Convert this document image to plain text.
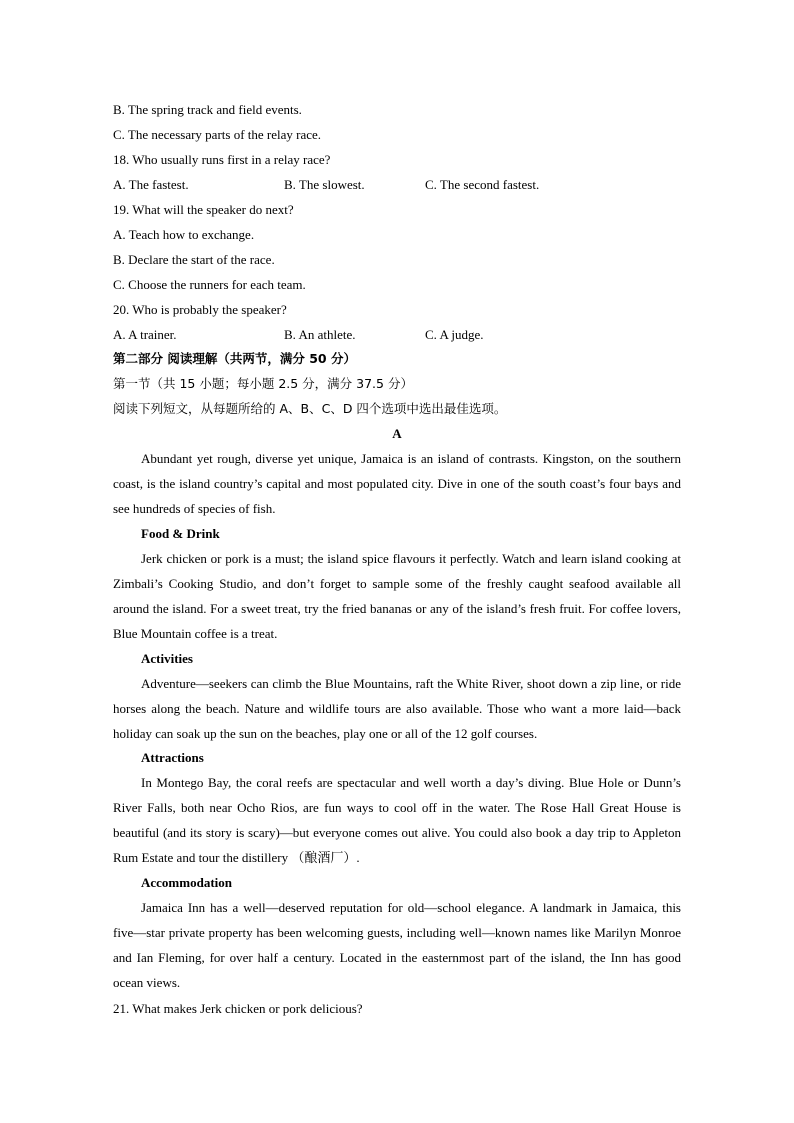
B. The spring track and field events.
C. The necessary parts of the relay race.
18. Who usually runs first in a relay race?
A. The fastest.	B. The slowest.	C. The second fastest.
19. What will the speaker do next?
A. Teach how to exchange.
B. Declare the start of the race.
C. Choose the runners for each team.
20. Who is probably the speaker?
A. A trainer.	B. An athlete.	C. A judge.
第二部分 阅读理解（共两节，满分 50 分）
第一节（共 15 小题；每小题 2.5 分，满分 37.5 分）
阅读下列短文，从每题所给的 A、B、C、D 四个选项中选出最佳选项。
A
Abundant yet rough, diverse yet unique, Jamaica is an island of contrasts. Kingston, on the southern coast, is the island country’s capital and most populated city. Dive in one of the south coast’s four bays and see hundreds of species of fish.
Food & Drink
Jerk chicken or pork is a must; the island spice flavours it perfectly. Watch and learn island cooking at Zimbali’s Cooking Studio, and don’t forget to sample some of the freshly caught seafood available all around the island. For a sweet treat, try the fried bananas or any of the island’s fresh fruit. For coffee lovers, Blue Mountain coffee is a treat.
Activities
Adventure—seekers can climb the Blue Mountains, raft the White River, shoot down a zip line, or ride horses along the beach. Nature and wildlife tours are also available. Those who want a more laid—back holiday can soak up the sun on the beaches, play one or all of the 12 golf courses.
Attractions
In Montego Bay, the coral reefs are spectacular and well worth a day’s diving. Blue Hole or Dunn’s River Falls, both near Ocho Rios, are fun ways to cool off in the water. The Rose Hall Great House is beautiful (and its story is scary)—but everyone comes out alive. You could also book a day trip to Appleton Rum Estate and tour the distillery （酿酒厂）.
Accommodation
Jamaica Inn has a well—deserved reputation for old—school elegance. A landmark in Jamaica, this five—star private property has been welcoming guests, including well—known names like Marilyn Monroe and Ian Fleming, for over half a century. Located in the easternmost part of the island, the Inn has good ocean views.
21. What makes Jerk chicken or pork delicious?
